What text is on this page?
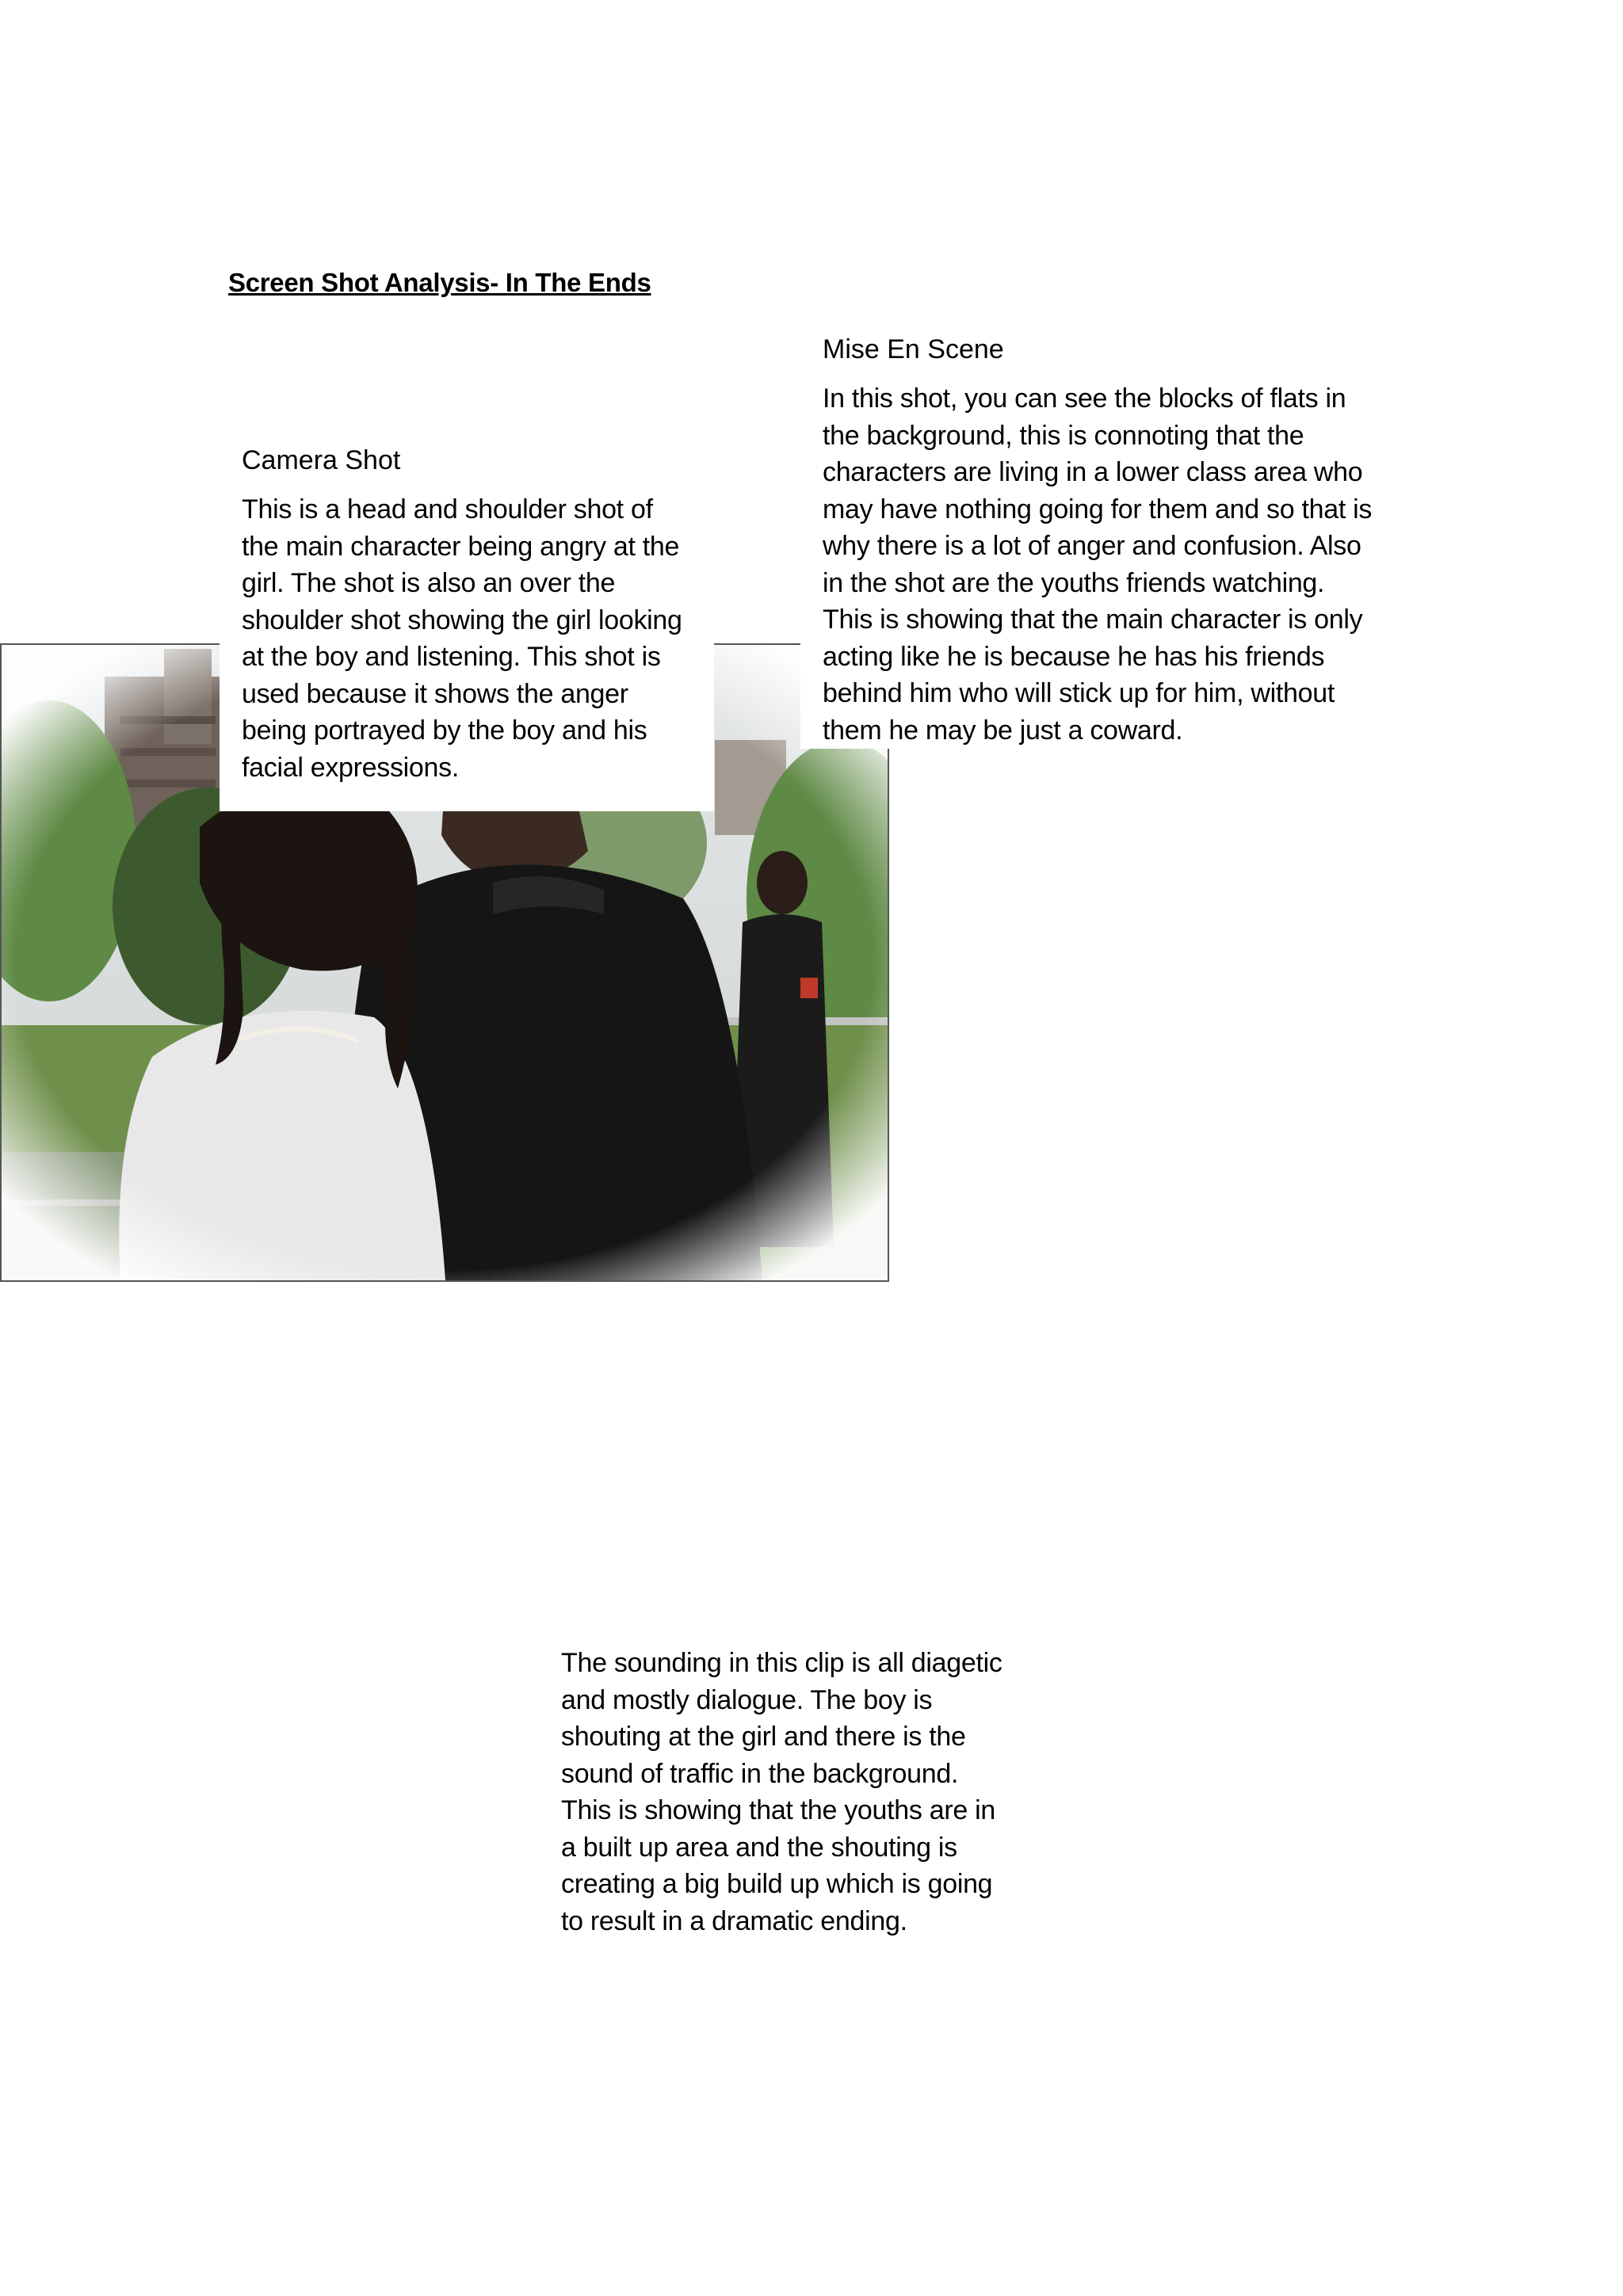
Screen Shot Analysis- In The Ends
Mise En Scene
In this shot, you can see the blocks of flats in the background, this is connoting that the characters are living in a lower class area who may have nothing going for them and so that is why there is a lot of anger and confusion. Also in the shot are the youths friends watching. This is showing that the main character is only acting like he is because he has his friends behind him who will stick up for him, without them he may be just a coward.
Camera Shot
This is a head and shoulder shot of the main character being angry at the girl. The shot is also an over the shoulder shot showing the girl looking at the boy and listening. This shot is used because it shows the anger being portrayed by the boy and his facial expressions.
The sounding in this clip is all diagetic and mostly dialogue. The boy is shouting at the girl and there is the sound of traffic in the background. This is showing that the youths are in a built up area and the shouting is creating a big build up which is going to result in a dramatic ending.
